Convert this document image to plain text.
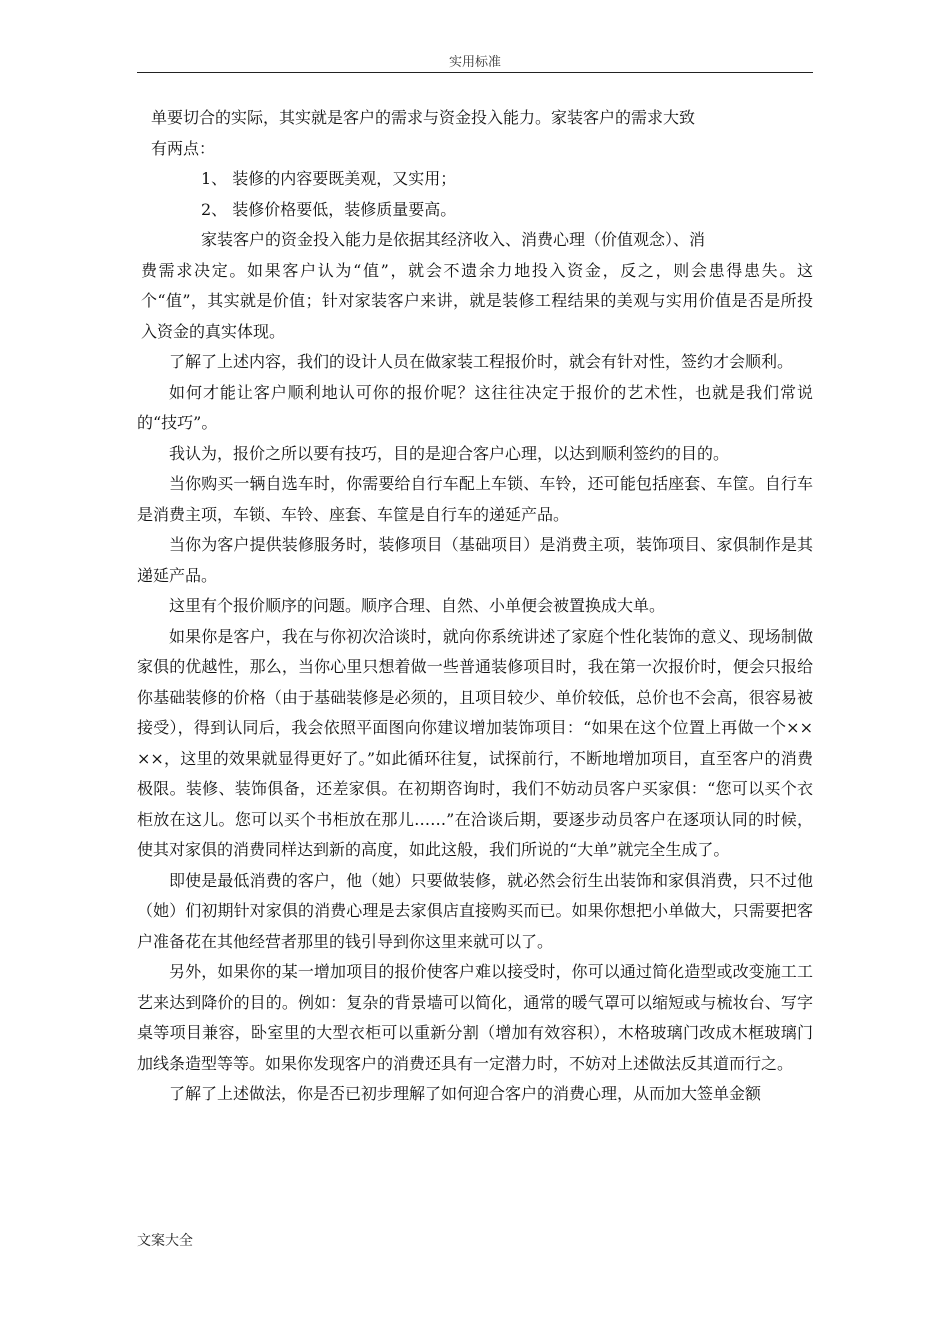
实用标准

单要切合的实际，其实就是客户的需求与资金投入能力。家装客户的需求大致

有两点：

1、 装修的内容要既美观，又实用；

2、 装修价格要低，装修质量要高。

家装客户的资金投入能力是依据其经济收入、消费心理（价值观念）、消

费需求决定。如果客户认为“值”，就会不遗余力地投入资金，反之，则会患得患失。这个“值”，其实就是价值；针对家装客户来讲，就是装修工程结果的美观与实用价值是否是所投入资金的真实体现。

了解了上述内容，我们的设计人员在做家装工程报价时，就会有针对性，签约才会顺利。

如何才能让客户顺利地认可你的报价呢？这往往决定于报价的艺术性，也就是我们常说的“技巧”。

我认为，报价之所以要有技巧，目的是迎合客户心理，以达到顺利签约的目的。

当你购买一辆自选车时，你需要给自行车配上车锁、车铃，还可能包括座套、车筐。自行车是消费主项，车锁、车铃、座套、车筐是自行车的递延产品。

当你为客户提供装修服务时，装修项目（基础项目）是消费主项，装饰项目、家俱制作是其递延产品。

这里有个报价顺序的问题。顺序合理、自然、小单便会被置换成大单。

如果你是客户，我在与你初次洽谈时，就向你系统讲述了家庭个性化装饰的意义、现场制做家俱的优越性，那么，当你心里只想着做一些普通装修项目时，我在第一次报价时，便会只报给你基础装修的价格（由于基础装修是必须的，且项目较少、单价较低，总价也不会高，很容易被接受），得到认同后，我会依照平面图向你建议增加装饰项目：“如果在这个位置上再做一个××××，这里的效果就显得更好了。”如此循环往复，试探前行，不断地增加项目，直至客户的消费极限。装修、装饰俱备，还差家俱。在初期咨询时，我们不妨动员客户买家俱：“您可以买个衣柜放在这儿。您可以买个书柜放在那儿……”在洽谈后期，要逐步动员客户在逐项认同的时候，使其对家俱的消费同样达到新的高度，如此这般，我们所说的“大单”就完全生成了。

即使是最低消费的客户，他（她）只要做装修，就必然会衍生出装饰和家俱消费，只不过他（她）们初期针对家俱的消费心理是去家俱店直接购买而已。如果你想把小单做大，只需要把客户准备花在其他经营者那里的钱引导到你这里来就可以了。

另外，如果你的某一增加项目的报价使客户难以接受时，你可以通过简化造型或改变施工工艺来达到降价的目的。例如：复杂的背景墙可以简化，通常的暖气罩可以缩短或与梳妆台、写字桌等项目兼容，卧室里的大型衣柜可以重新分割（增加有效容积），木格玻璃门改成木框玻璃门加线条造型等等。如果你发现客户的消费还具有一定潜力时，不妨对上述做法反其道而行之。

了解了上述做法，你是否已初步理解了如何迎合客户的消费心理，从而加大签单金额

文案大全
